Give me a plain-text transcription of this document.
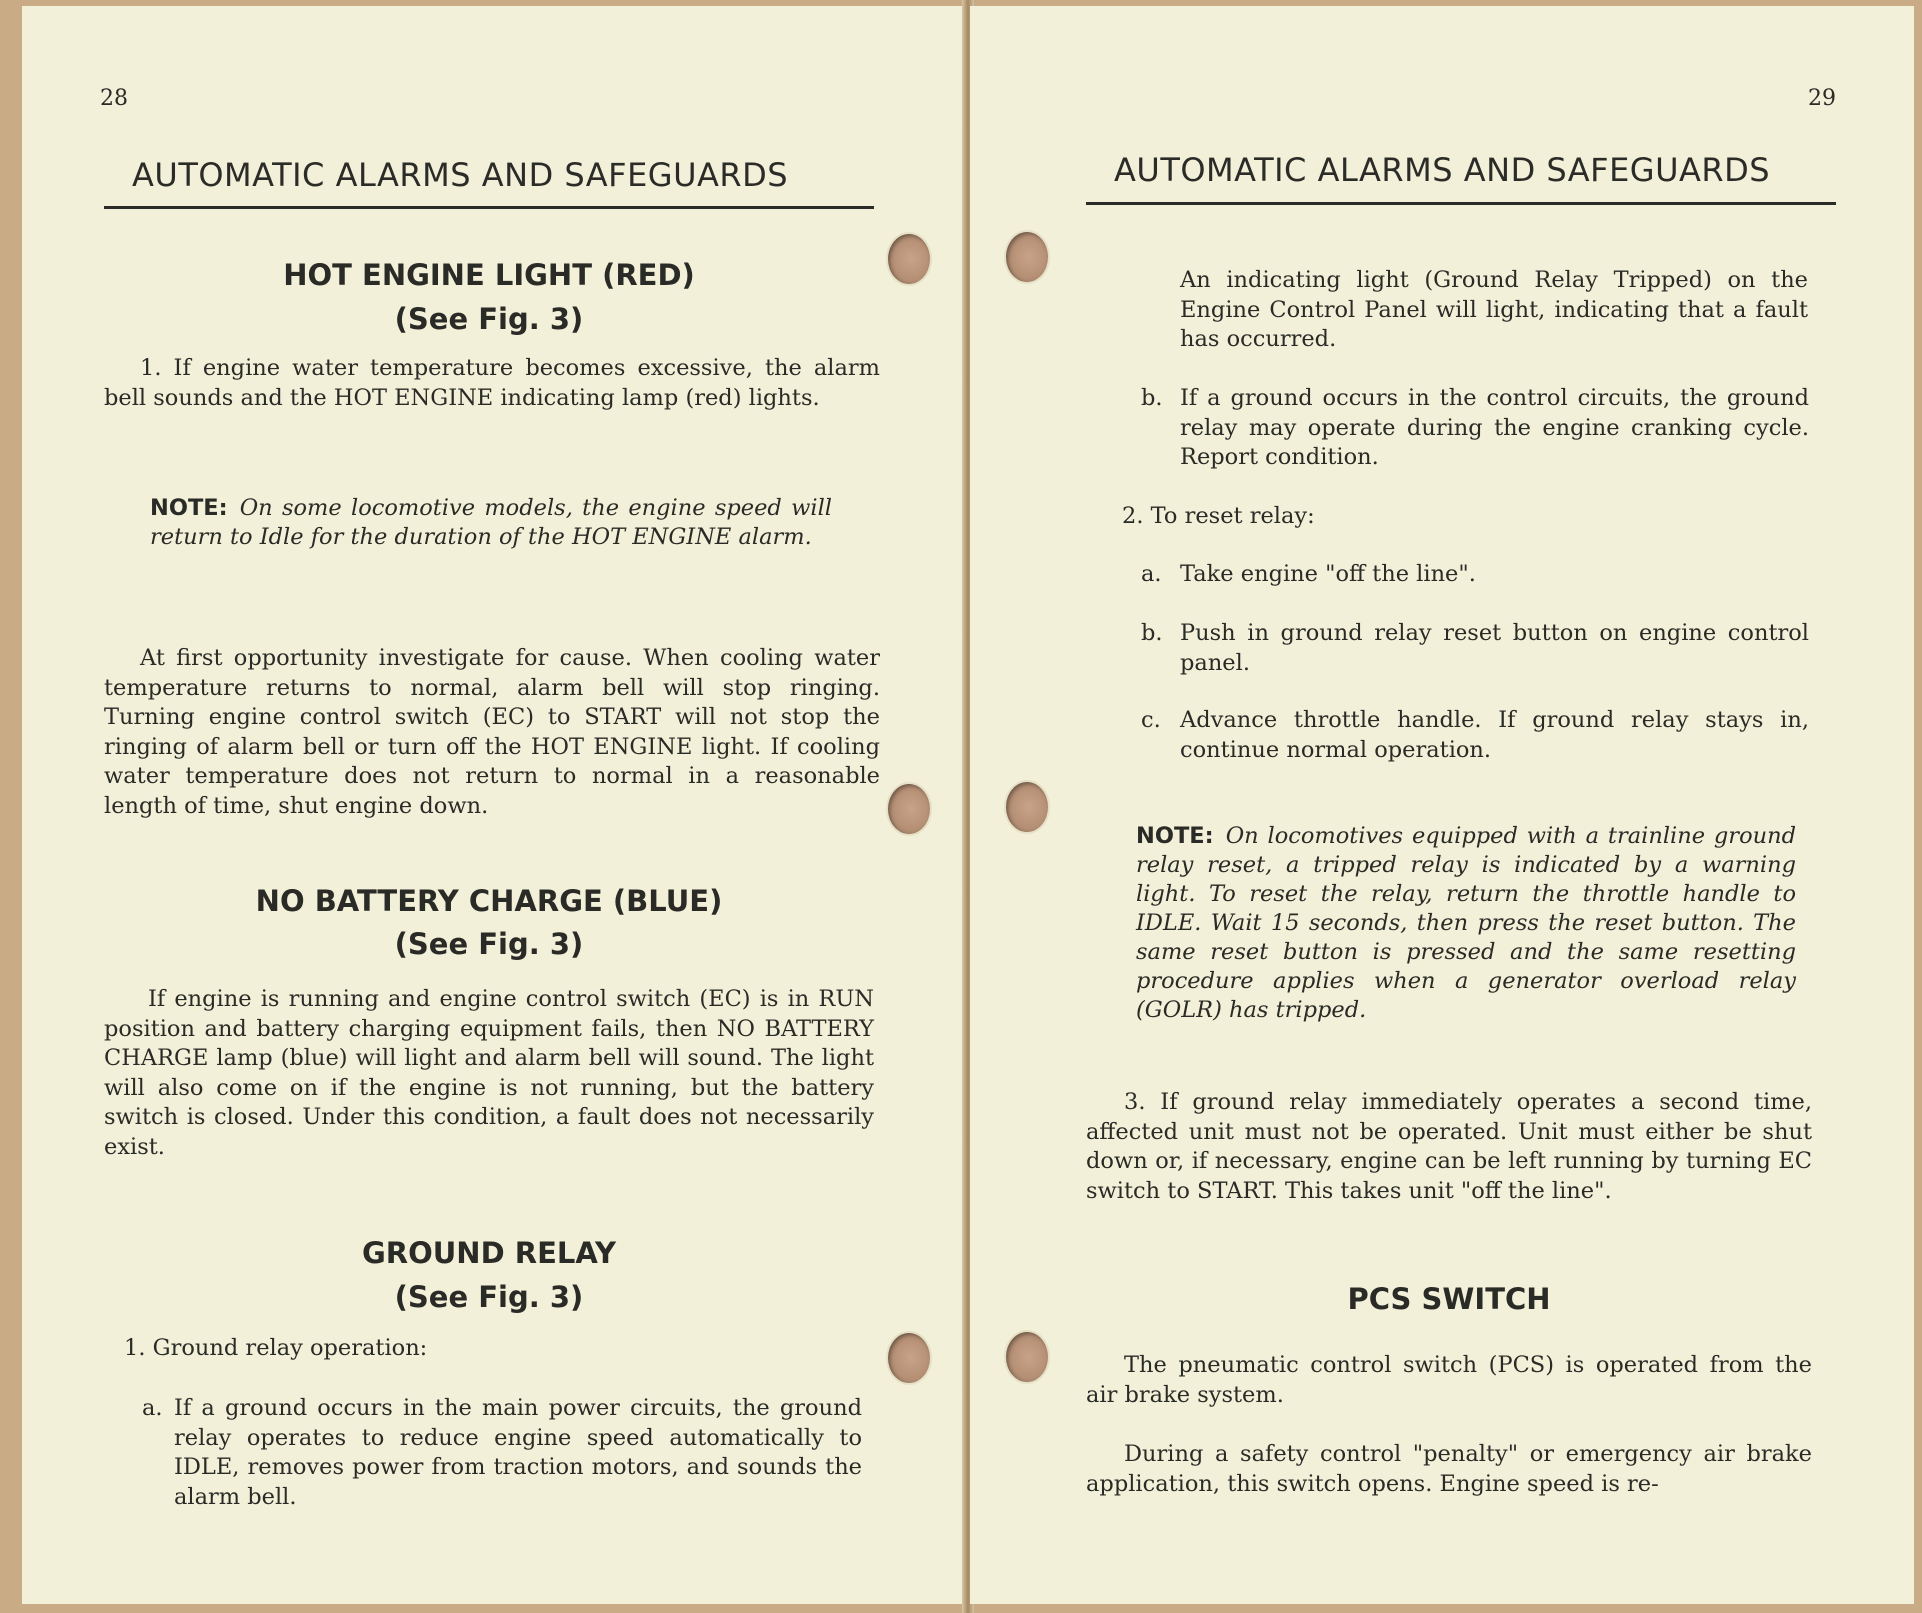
28
AUTOMATIC ALARMS AND SAFEGUARDS
HOT ENGINE LIGHT (RED)
(See Fig. 3)
1. If engine water temperature becomes excessive, the alarm bell sounds and the HOT ENGINE indicating lamp (red) lights.
NOTE: On some locomotive models, the engine speed will return to Idle for the duration of the HOT ENGINE alarm.
At first opportunity investigate for cause. When cooling water temperature returns to normal, alarm bell will stop ringing. Turning engine control switch (EC) to START will not stop the ringing of alarm bell or turn off the HOT ENGINE light. If cooling water temperature does not return to normal in a reasonable length of time, shut engine down.
NO BATTERY CHARGE (BLUE)
(See Fig. 3)
If engine is running and engine control switch (EC) is in RUN position and battery charging equipment fails, then NO BATTERY CHARGE lamp (blue) will light and alarm bell will sound. The light will also come on if the engine is not running, but the battery switch is closed. Under this condition, a fault does not necessarily exist.
GROUND RELAY
(See Fig. 3)
1. Ground relay operation:
a. If a ground occurs in the main power circuits, the ground relay operates to reduce engine speed automatically to IDLE, removes power from traction motors, and sounds the alarm bell.
29
AUTOMATIC ALARMS AND SAFEGUARDS
An indicating light (Ground Relay Tripped) on the Engine Control Panel will light, indicating that a fault has occurred.
b. If a ground occurs in the control circuits, the ground relay may operate during the engine cranking cycle. Report condition.
2. To reset relay:
a. Take engine "off the line".
b. Push in ground relay reset button on engine control panel.
c. Advance throttle handle. If ground relay stays in, continue normal operation.
NOTE: On locomotives equipped with a trainline ground relay reset, a tripped relay is indicated by a warning light. To reset the relay, return the throttle handle to IDLE. Wait 15 seconds, then press the reset button. The same reset button is pressed and the same resetting procedure applies when a generator overload relay (GOLR) has tripped.
3. If ground relay immediately operates a second time, affected unit must not be operated. Unit must either be shut down or, if necessary, engine can be left running by turning EC switch to START. This takes unit "off the line".
PCS SWITCH
The pneumatic control switch (PCS) is operated from the air brake system.
During a safety control "penalty" or emergency air brake application, this switch opens. Engine speed is re-
